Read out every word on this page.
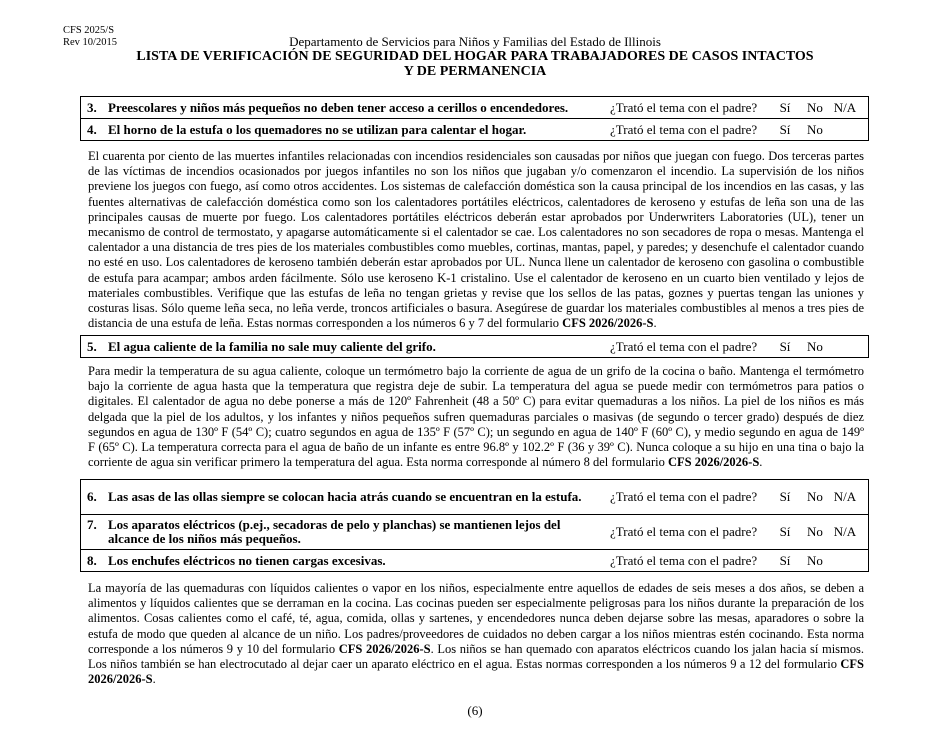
CFS 2025/S
Rev 10/2015	Departamento de Servicios para Niños y Familias del Estado de Illinois
LISTA DE VERIFICACIÓN DE SEGURIDAD DEL HOGAR PARA TRABAJADORES DE CASOS INTACTOS
Y DE PERMANENCIA
3. Preescolares y niños más pequeños no deben tener acceso a cerillos o encendedores.	¿Trató el tema con el padre? Sí No N/A
4. El horno de la estufa o los quemadores no se utilizan para calentar el hogar.	¿Trató el tema con el padre? Sí No

El cuarenta por ciento de las muertes infantiles relacionadas con incendios residenciales son causadas por niños que juegan con fuego. Dos terceras partes de las víctimas de incendios ocasionados por juegos infantiles no son los niños que jugaban y/o comenzaron el incendio. La supervisión de los niños previene los juegos con fuego, así como otros accidentes. Los sistemas de calefacción doméstica son la causa principal de los incendios en las casas, y las fuentes alternativas de calefacción doméstica como son los calentadores portátiles eléctricos, calentadores de keroseno y estufas de leña son una de las principales causas de muerte por fuego. Los calentadores portátiles eléctricos deberán estar aprobados por Underwriters Laboratories (UL), tener un mecanismo de control de termostato, y apagarse automáticamente si el calentador se cae. Los calentadores no son secadores de ropa o mesas. Mantenga el calentador a una distancia de tres pies de los materiales combustibles como muebles, cortinas, mantas, papel, y paredes; y desenchufe el calentador cuando no esté en uso. Los calentadores de keroseno también deberán estar aprobados por UL. Nunca llene un calentador de keroseno con gasolina o combustible de estufa para acampar; ambos arden fácilmente. Sólo use keroseno K-1 cristalino. Use el calentador de keroseno en un cuarto bien ventilado y lejos de materiales combustibles. Verifique que las estufas de leña no tengan grietas y revise que los sellos de las patas, goznes y puertas tengan las uniones y costuras lisas. Sólo queme leña seca, no leña verde, troncos artificiales o basura. Asegúrese de guardar los materiales combustibles al menos a tres pies de distancia de una estufa de leña. Estas normas corresponden a los números 6 y 7 del formulario CFS 2026/2026-S.

5. El agua caliente de la familia no sale muy caliente del grifo.	¿Trató el tema con el padre? Sí No

Para medir la temperatura de su agua caliente, coloque un termómetro bajo la corriente de agua de un grifo de la cocina o baño. Mantenga el termómetro bajo la corriente de agua hasta que la temperatura que registra deje de subir. La temperatura del agua se puede medir con termómetros para patios o digitales. El calentador de agua no debe ponerse a más de 120º Fahrenheit (48 a 50º C) para evitar quemaduras a los niños. La piel de los niños es más delgada que la piel de los adultos, y los infantes y niños pequeños sufren quemaduras parciales o masivas (de segundo o tercer grado) después de diez segundos en agua de 130º F (54º C); cuatro segundos en agua de 135º F (57º C); un segundo en agua de 140º F (60º C), y medio segundo en agua de 149º F (65º C). La temperatura correcta para el agua de baño de un infante es entre 96.8º y 102.2º F (36 y 39º C). Nunca coloque a su hijo en una tina o bajo la corriente de agua sin verificar primero la temperatura del agua. Esta norma corresponde al número 8 del formulario CFS 2026/2026-S.

6. Las asas de las ollas siempre se colocan hacia atrás cuando se encuentran en la estufa.	¿Trató el tema con el padre? Sí No N/A
7. Los aparatos eléctricos (p.ej., secadoras de pelo y planchas) se mantienen lejos del alcance de los niños más pequeños.	¿Trató el tema con el padre? Sí No N/A
8. Los enchufes eléctricos no tienen cargas excesivas.	¿Trató el tema con el padre? Sí No

La mayoría de las quemaduras con líquidos calientes o vapor en los niños, especialmente entre aquellos de edades de seis meses a dos años, se deben a alimentos y líquidos calientes que se derraman en la cocina. Las cocinas pueden ser especialmente peligrosas para los niños durante la preparación de los alimentos. Cosas calientes como el café, té, agua, comida, ollas y sartenes, y encendedores nunca deben dejarse sobre las mesas, aparadores o sobre la estufa de modo que queden al alcance de un niño. Los padres/proveedores de cuidados no deben cargar a los niños mientras estén cocinando. Esta norma corresponde a los números 9 y 10 del formulario CFS 2026/2026-S. Los niños se han quemado con aparatos eléctricos cuando los jalan hacia sí mismos. Los niños también se han electrocutado al dejar caer un aparato eléctrico en el agua. Estas normas corresponden a los números 9 a 12 del formulario CFS 2026/2026-S.

(6)
